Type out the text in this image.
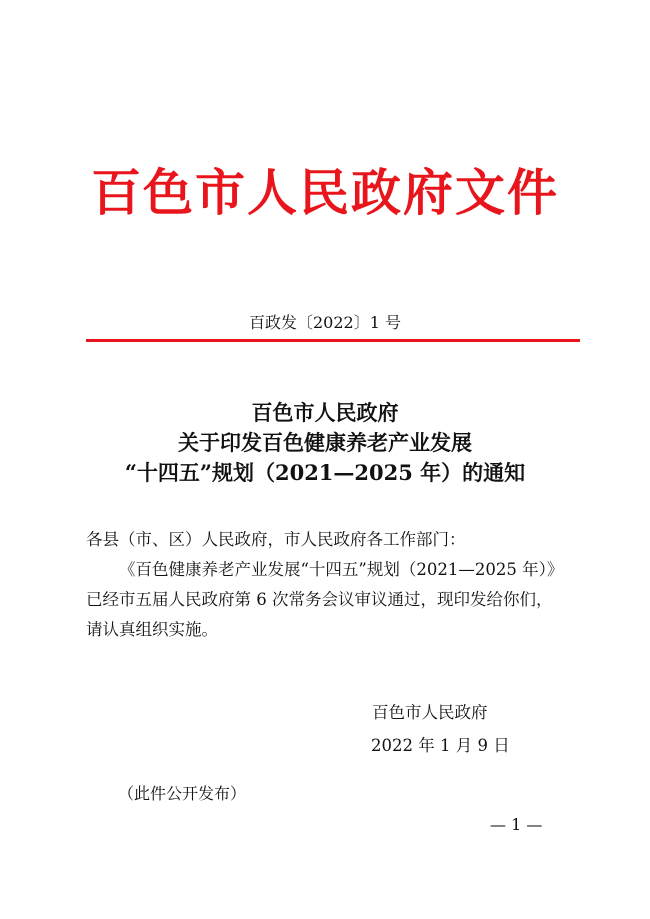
百色市人民政府文件
百政发〔2022〕1 号
百色市人民政府
关于印发百色健康养老产业发展
“十四五”规划（2021—2025 年）的通知
各县（市、区）人民政府，市人民政府各工作部门：
《百色健康养老产业发展“十四五”规划（2021—2025 年）》
已经市五届人民政府第 6 次常务会议审议通过，现印发给你们，
请认真组织实施。
百色市人民政府
2022 年 1 月 9 日
（此件公开发布）
— 1 —
